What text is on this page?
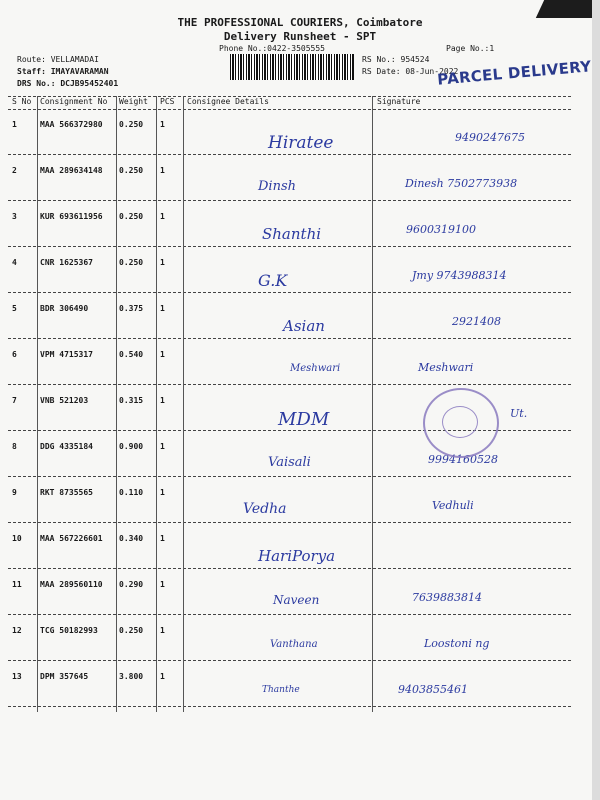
THE PROFESSIONAL COURIERS, Coimbatore
Delivery Runsheet - SPT
Phone No.:0422-3505555	Page No.:1
Route: VELLAMADAI
Staff: IMAYAVARAMAN
DRS No.: DCJB95452401
RS No.: 954524
RS Date: 08-Jun-2022
PARCEL DELIVERY
S No Consignment No Weight PCS Consignee Details	Signature
1	MAA 566372980 0.250 1
Hiratee	9490247675
2	MAA 289634148 0.250 1
Dinsh	Dinesh 7502773938
3	KUR 693611956 0.250 1
Shanthi	9600319100
4	CNR 1625367	0.250 1
G.K	Jmy 9743988314
5	BDR 306490	0.375 1
Asian	2921408
6	VPM 4715317	0.540 1
Meshwari	Meshwari
7	VNB 521203	0.315 1
MDM	Ut.
8	DDG 4335184	0.900 1
Vaisali	9994160528
9	RKT 8735565	0.110 1
Vedha	Vedhuli
10 MAA 567226601 0.340 1
HariPorya
11 MAA 289560110 0.290 1
Naveen	7639883814
12 TCG 50182993	0.250 1
Vanthana	Loostoni ng
13 DPM 357645	3.800 1
Thanthe	9403855461
